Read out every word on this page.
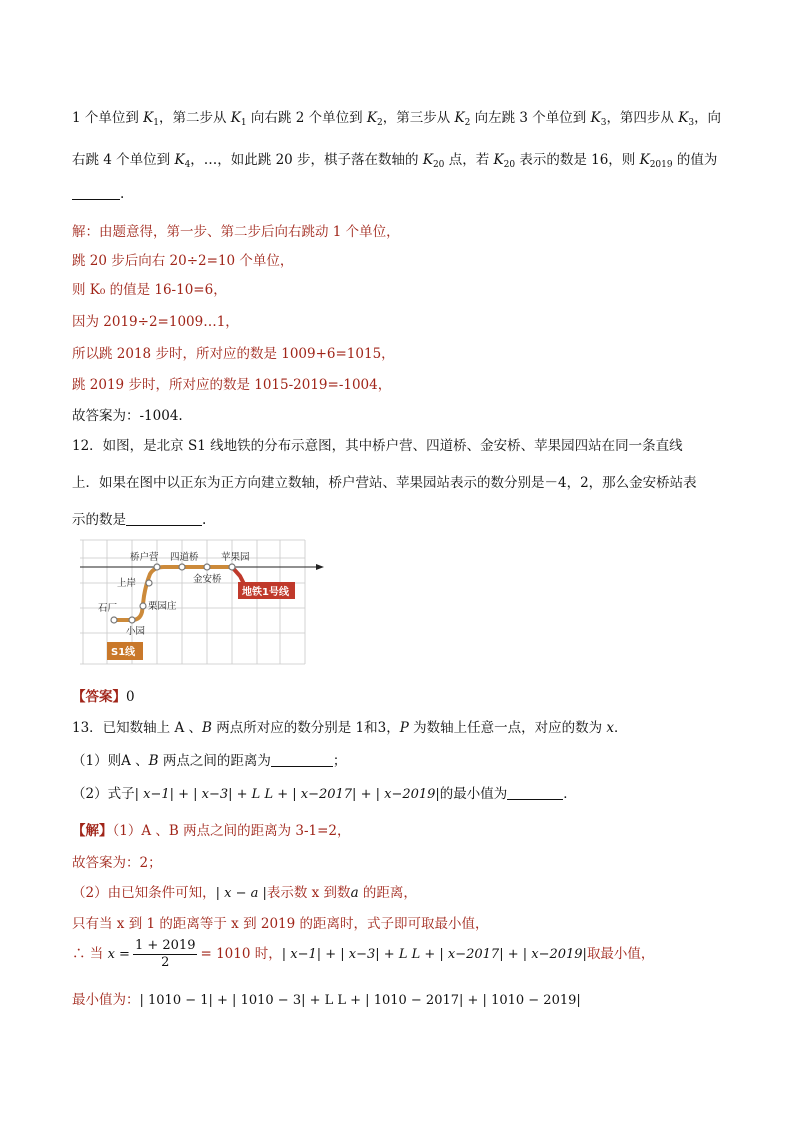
1 个单位到 $K_1$，第二步从 $K_1$ 向右跳 2 个单位到 $K_2$，第三步从 $K_2$ 向左跳 3 个单位到 $K_3$，第四步从 $K_3$，向
右跳 4 个单位到 $K_4$，…，如此跳 20 步，棋子落在数轴的 $K_{20}$ 点，若 $K_{20}$ 表示的数是 16，则 $K_{2019}$ 的值为
.
解：由题意得，第一步、第二步后向右跳动 1 个单位，
跳 20 步后向右 20÷2=10 个单位，
则 K₀ 的值是 16-10=6，
因为 2019÷2=1009…1，
所以跳 2018 步时，所对应的数是 1009+6=1015，
跳 2019 步时，所对应的数是 1015-2019=-1004，
故答案为：-1004.
12．如图，是北京 S1 线地铁的分布示意图，其中桥户营、四道桥、金安桥、苹果园四站在同一条直线
上．如果在图中以正东为正方向建立数轴，桥户营站、苹果园站表示的数分别是－4，2，那么金安桥站表
示的数是	.
桥户营 四道桥 苹果园
上岸	金安桥
栗园庄
石厂
小园
地铁1号线
S1线
【答案】0
13．已知数轴上 A 、B 两点所对应的数分别是 1和3，P 为数轴上任意一点，对应的数为 x．
（1）则A 、B 两点之间的距离为	；
（2）式子| x−1| + | x−3| + L L + | x−2017| + | x−2019|的最小值为	．
【解】（1）A 、B 两点之间的距离为 3-1=2，
故答案为：2；
（2）由已知条件可知，| x − a |表示数 x 到数a 的距离，
只有当 x 到 1 的距离等于 x 到 2019 的距离时，式子即可取最小值，
∴ 当 $x = \frac{1 + 2019}{2} = 1010$ 时，| x−1| + | x−3| + L L + | x−2017| + | x−2019|取最小值，
最小值为：| 1010 − 1| + | 1010 − 3| + L L + | 1010 − 2017| + | 1010 − 2019|
